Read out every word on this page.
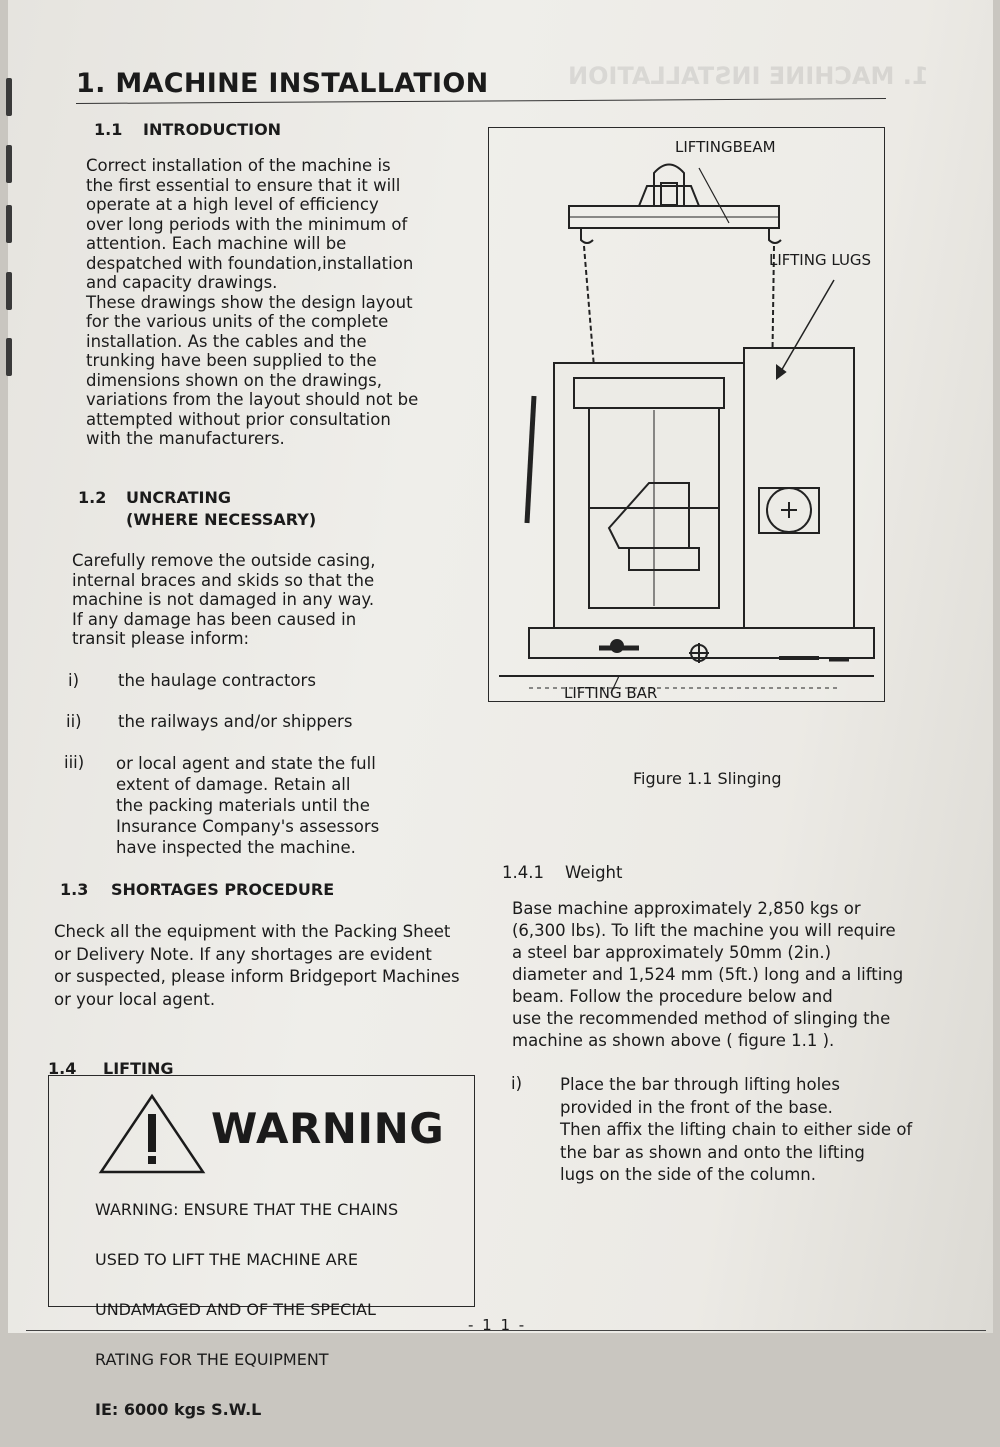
1. MACHINE INSTALLATION
1. MACHINE INSTALLATION
1.1 INTRODUCTION
Correct installation of the machine is
the first essential to ensure that it will
operate at a high level of efficiency
over long periods with the minimum of
attention. Each machine will be
despatched with foundation,installation
and capacity drawings.
These drawings show the design layout
for the various units of the complete
installation. As the cables and the
trunking have been supplied to the
dimensions shown on the drawings,
variations from the layout should not be
attempted without prior consultation
with the manufacturers.
1.2 UNCRATING
(WHERE NECESSARY)
Carefully remove the outside casing,
internal braces and skids so that the
machine is not damaged in any way.
If any damage has been caused in
transit please inform:
i) the haulage contractors
ii) the railways and/or shippers
iii) or local agent and state the full
extent of damage. Retain all
the packing materials until the
Insurance Company's assessors
have inspected the machine.
1.3 SHORTAGES PROCEDURE
Check all the equipment with the Packing Sheet
or Delivery Note. If any shortages are evident
or suspected, please inform Bridgeport Machines
or your local agent.
1.4 LIFTING
WARNING

WARNING: ENSURE THAT THE CHAINS

USED TO LIFT THE MACHINE ARE

UNDAMAGED AND OF THE SPECIAL

RATING FOR THE EQUIPMENT

IE: 6000 kgs S.W.L

LIFTINGBEAM
LIFTING LUGS
LIFTING BAR
Figure 1.1 Slinging
1.4.1 Weight
Base machine approximately 2,850 kgs or
(6,300 lbs). To lift the machine you will require
a steel bar approximately 50mm (2in.)
diameter and 1,524 mm (5ft.) long and a lifting
beam. Follow the procedure below and
use the recommended method of slinging the
machine as shown above ( figure 1.1 ).
i) Place the bar through lifting holes
provided in the front of the base.
Then affix the lifting chain to either side of
the bar as shown and onto the lifting
lugs on the side of the column.
- 1 1 -
